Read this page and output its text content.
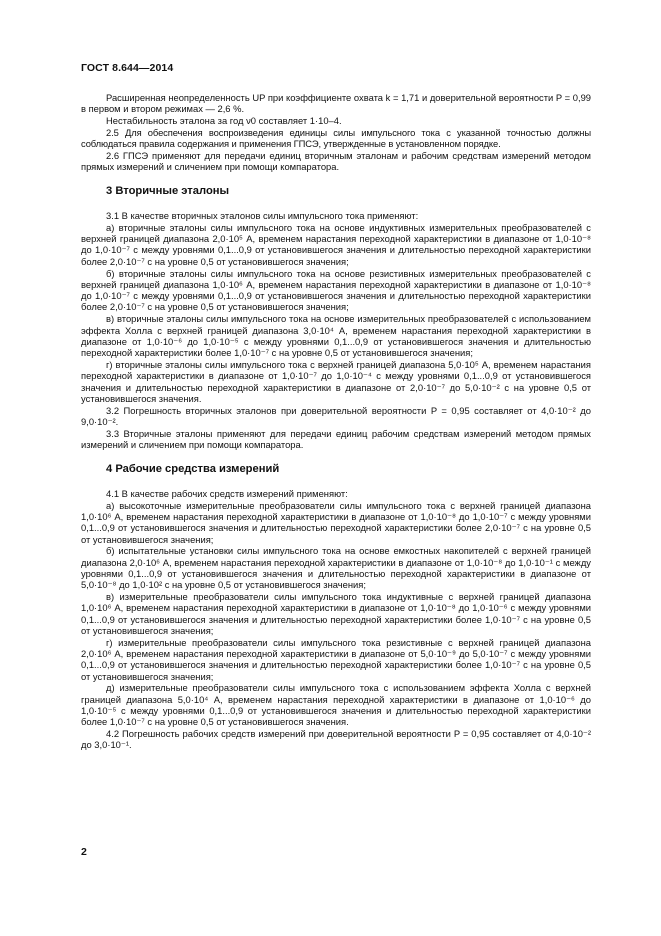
ГОСТ 8.644—2014

Расширенная неопределенность UP при коэффициенте охвата k = 1,71 и доверительной вероятности P = 0,99 в первом и втором режимах — 2,6 %.

Нестабильность эталона за год ν0 составляет 1·10–4.

2.5 Для обеспечения воспроизведения единицы силы импульсного тока с указанной точностью должны соблюдаться правила содержания и применения ГПСЭ, утвержденные в установленном порядке.

2.6 ГПСЭ применяют для передачи единиц вторичным эталонам и рабочим средствам измерений методом прямых измерений и сличением при помощи компаратора.

3 Вторичные эталоны

3.1 В качестве вторичных эталонов силы импульсного тока применяют:

а) вторичные эталоны силы импульсного тока на основе индуктивных измерительных преобразователей с верхней границей диапазона 2,0·10⁵ А, временем нарастания переходной характеристики в диапазоне от 1,0·10⁻⁸ до 1,0·10⁻⁷ с между уровнями 0,1...0,9 от установившегося значения и длительностью переходной характеристики более 2,0·10⁻⁷ с на уровне 0,5 от установившегося значения;

б) вторичные эталоны силы импульсного тока на основе резистивных измерительных преобразователей с верхней границей диапазона 1,0·10⁶ А, временем нарастания переходной характеристики в диапазоне от 1,0·10⁻⁸ до 1,0·10⁻⁷ с между уровнями 0,1...0,9 от установившегося значения и длительностью переходной характеристики более 2,0·10⁻⁷ с на уровне 0,5 от установившегося значения;

в) вторичные эталоны силы импульсного тока на основе измерительных преобразователей с использованием эффекта Холла с верхней границей диапазона 3,0·10⁴ А, временем нарастания переходной характеристики в диапазоне от 1,0·10⁻⁶ до 1,0·10⁻⁵ с между уровнями 0,1...0,9 от установившегося значения и длительностью переходной характеристики более 1,0·10⁻⁷ с на уровне 0,5 от установившегося значения;

г) вторичные эталоны силы импульсного тока с верхней границей диапазона 5,0·10⁵ А, временем нарастания переходной характеристики в диапазоне от 1,0·10⁻⁷ до 1,0·10⁻⁴ с между уровнями 0,1...0,9 от установившегося значения и длительностью переходной характеристики в диапазоне от 2,0·10⁻⁷ до 5,0·10⁻² с на уровне 0,5 от установившегося значения.

3.2 Погрешность вторичных эталонов при доверительной вероятности P = 0,95 составляет от 4,0·10⁻² до 9,0·10⁻².

3.3 Вторичные эталоны применяют для передачи единиц рабочим средствам измерений методом прямых измерений и сличением при помощи компаратора.

4 Рабочие средства измерений

4.1 В качестве рабочих средств измерений применяют:

а) высокоточные измерительные преобразователи силы импульсного тока с верхней границей диапазона 1,0·10⁶ А, временем нарастания переходной характеристики в диапазоне от 1,0·10⁻⁸ до 1,0·10⁻⁷ с между уровнями 0,1...0,9 от установившегося значения и длительностью переходной характеристики более 2,0·10⁻⁷ с на уровне 0,5 от установившегося значения;

б) испытательные установки силы импульсного тока на основе емкостных накопителей с верхней границей диапазона 2,0·10⁶ А, временем нарастания переходной характеристики в диапазоне от 1,0·10⁻⁸ до 1,0·10⁻¹ с между уровнями 0,1...0,9 от установившегося значения и длительностью переходной характеристики в диапазоне от 5,0·10⁻⁸ до 1,0·10² с на уровне 0,5 от установившегося значения;

в) измерительные преобразователи силы импульсного тока индуктивные с верхней границей диапазона 1,0·10⁶ А, временем нарастания переходной характеристики в диапазоне от 1,0·10⁻⁸ до 1,0·10⁻⁶ с между уровнями 0,1...0,9 от установившегося значения и длительностью переходной характеристики более 1,0·10⁻⁷ с на уровне 0,5 от установившегося значения;

г) измерительные преобразователи силы импульсного тока резистивные с верхней границей диапазона 2,0·10⁶ А, временем нарастания переходной характеристики в диапазоне от 5,0·10⁻⁹ до 5,0·10⁻⁷ с между уровнями 0,1...0,9 от установившегося значения и длительностью переходной характеристики более 1,0·10⁻⁷ с на уровне 0,5 от установившегося значения;

д) измерительные преобразователи силы импульсного тока с использованием эффекта Холла с верхней границей диапазона 5,0·10⁴ А, временем нарастания переходной характеристики в диапазоне от 1,0·10⁻⁶ до 1,0·10⁻⁵ с между уровнями 0,1...0,9 от установившегося значения и длительностью переходной характеристики более 1,0·10⁻⁷ с на уровне 0,5 от установившегося значения.

4.2 Погрешность рабочих средств измерений при доверительной вероятности P = 0,95 составляет от 4,0·10⁻² до 3,0·10⁻¹.

2
